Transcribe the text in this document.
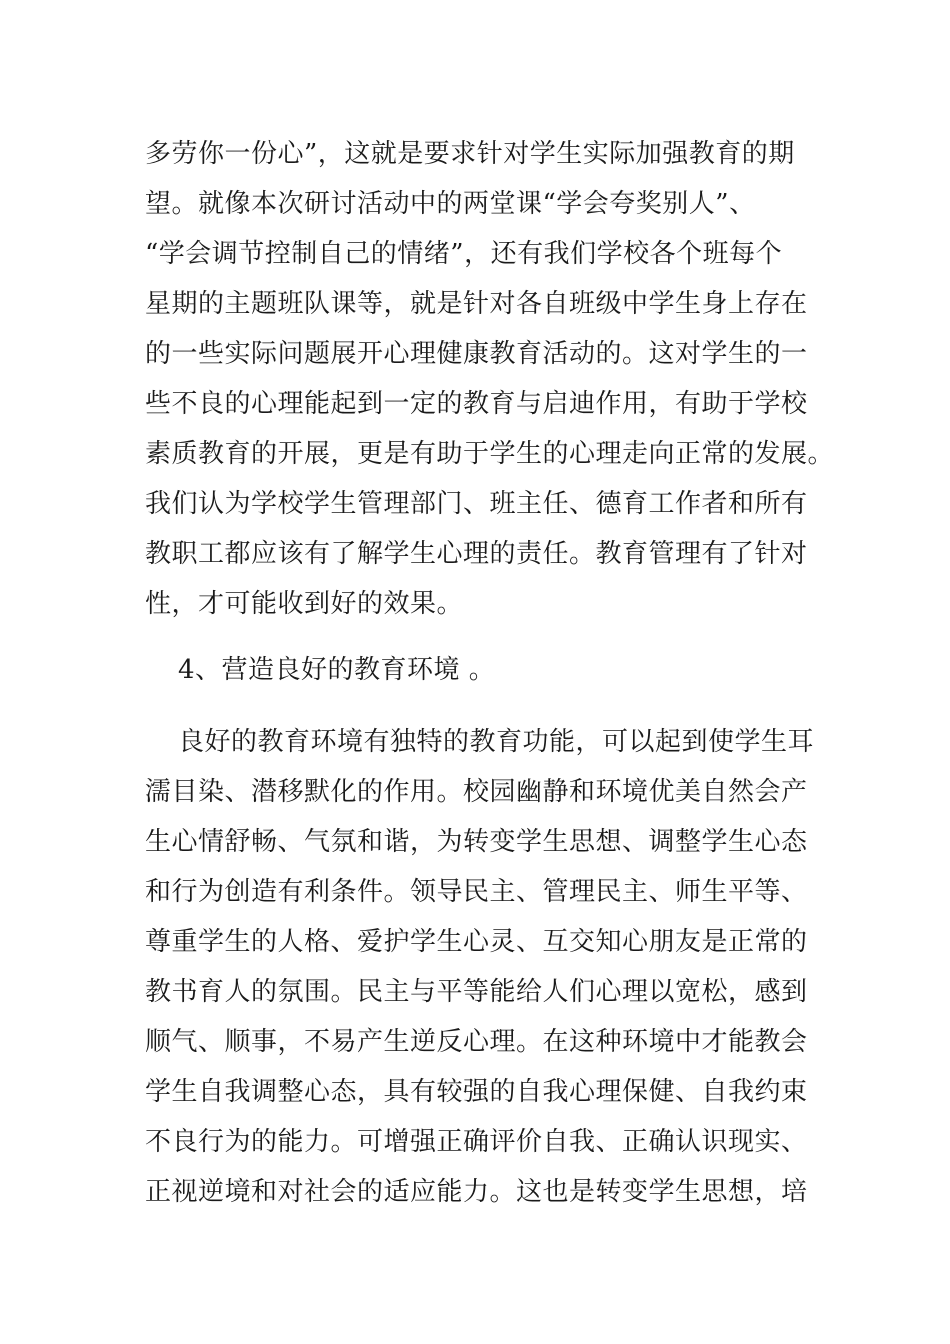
多劳你一份心”，这就是要求针对学生实际加强教育的期
望。就像本次研讨活动中的两堂课“学会夸奖别人”、
“学会调节控制自己的情绪”，还有我们学校各个班每个
星期的主题班队课等，就是针对各自班级中学生身上存在
的一些实际问题展开心理健康教育活动的。这对学生的一
些不良的心理能起到一定的教育与启迪作用，有助于学校
素质教育的开展，更是有助于学生的心理走向正常的发展。
我们认为学校学生管理部门、班主任、德育工作者和所有
教职工都应该有了解学生心理的责任。教育管理有了针对
性，才可能收到好的效果。
4、营造良好的教育环境 。
良好的教育环境有独特的教育功能，可以起到使学生耳
濡目染、潜移默化的作用。校园幽静和环境优美自然会产
生心情舒畅、气氛和谐，为转变学生思想、调整学生心态
和行为创造有利条件。领导民主、管理民主、师生平等、
尊重学生的人格、爱护学生心灵、互交知心朋友是正常的
教书育人的氛围。民主与平等能给人们心理以宽松，感到
顺气、顺事，不易产生逆反心理。在这种环境中才能教会
学生自我调整心态，具有较强的自我心理保健、自我约束
不良行为的能力。可增强正确评价自我、正确认识现实、
正视逆境和对社会的适应能力。这也是转变学生思想，培
